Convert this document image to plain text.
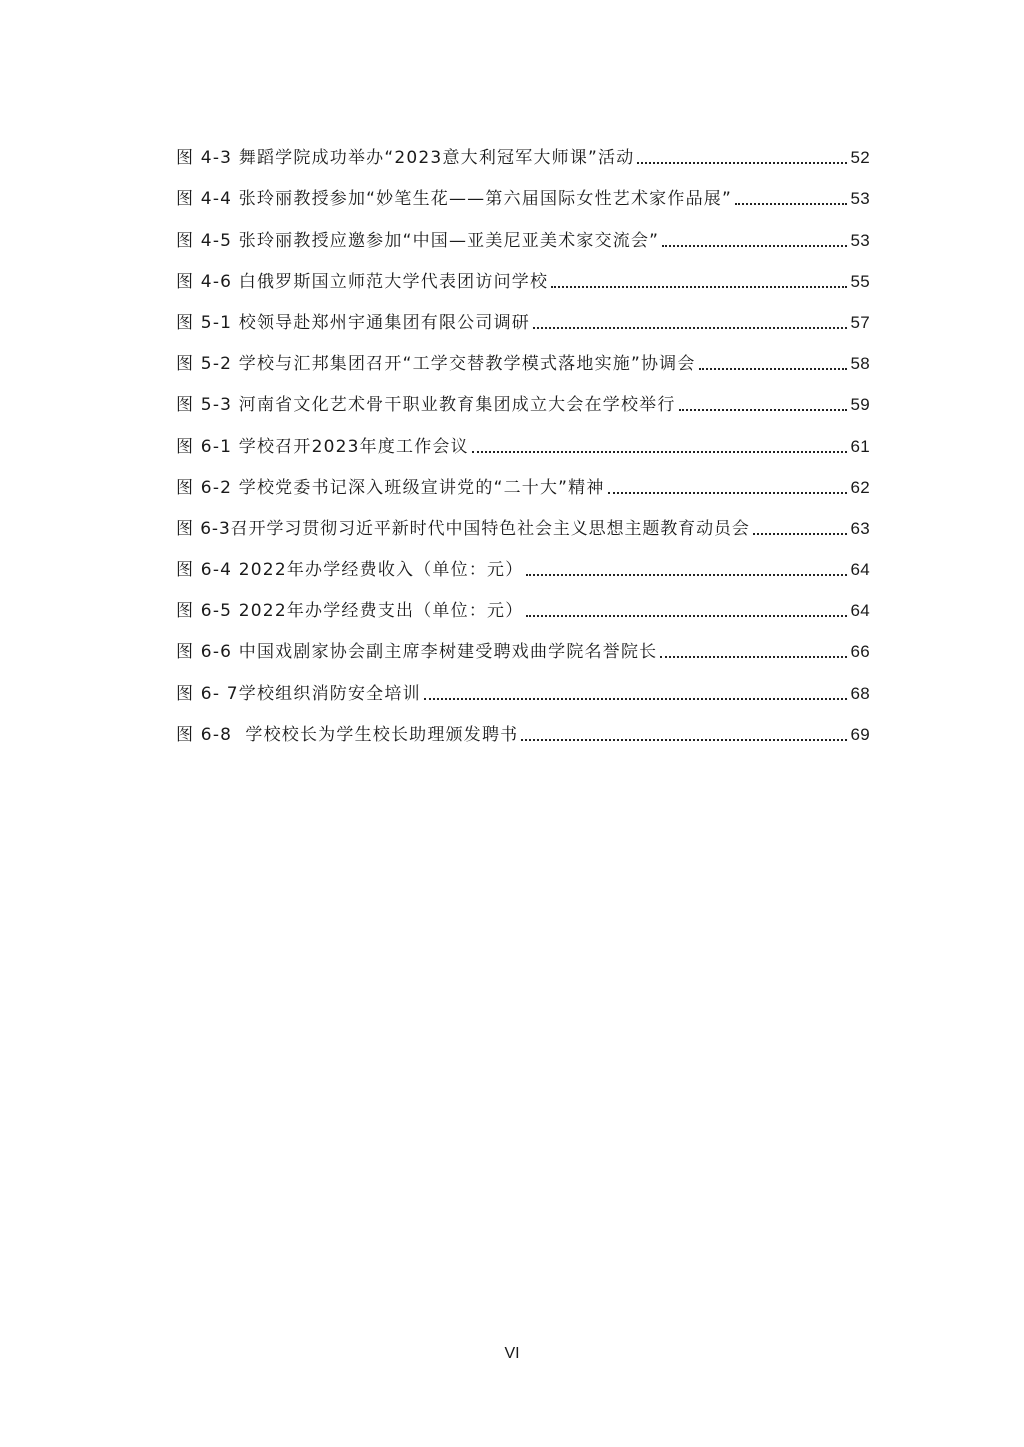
图 4-3 舞蹈学院成功举办“2023意大利冠军大师课”活动	52
图 4-4 张玲丽教授参加“妙笔生花——第六届国际女性艺术家作品展”	53
图 4-5 张玲丽教授应邀参加“中国—亚美尼亚美术家交流会”	53
图 4-6 白俄罗斯国立师范大学代表团访问学校	55
图 5-1 校领导赴郑州宇通集团有限公司调研	57
图 5-2 学校与汇邦集团召开“工学交替教学模式落地实施”协调会	58
图 5-3 河南省文化艺术骨干职业教育集团成立大会在学校举行	59
图 6-1 学校召开2023年度工作会议	61
图 6-2 学校党委书记深入班级宣讲党的“二十大”精神	62
图 6-3召开学习贯彻习近平新时代中国特色社会主义思想主题教育动员会	63
图 6-4 2022年办学经费收入（单位：元）	64
图 6-5 2022年办学经费支出（单位：元）	64
图 6-6 中国戏剧家协会副主席李树建受聘戏曲学院名誉院长	66
图 6- 7学校组织消防安全培训	68
图 6-8  学校校长为学生校长助理颁发聘书	69
VI
